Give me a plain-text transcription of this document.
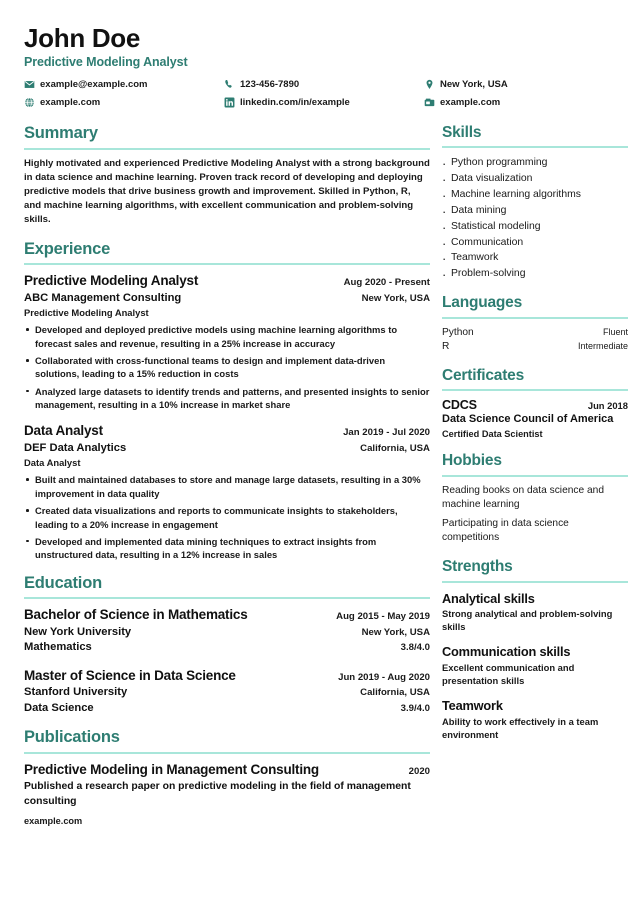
John Doe
Predictive Modeling Analyst
example@example.com	123-456-7890	New York, USA
example.com	linkedin.com/in/example	example.com
Summary
Highly motivated and experienced Predictive Modeling Analyst with a strong background in data science and machine learning. Proven track record of developing and deploying predictive models that drive business growth and improvement. Skilled in Python, R, and machine learning algorithms, with excellent communication and problem-solving skills.
Experience
Predictive Modeling Analyst	Aug 2020 - Present
ABC Management Consulting	New York, USA
Predictive Modeling Analyst
Developed and deployed predictive models using machine learning algorithms to forecast sales and revenue, resulting in a 25% increase in accuracy
Collaborated with cross-functional teams to design and implement data-driven solutions, leading to a 15% reduction in costs
Analyzed large datasets to identify trends and patterns, and presented insights to senior management, resulting in a 10% increase in market share
Data Analyst	Jan 2019 - Jul 2020
DEF Data Analytics	California, USA
Data Analyst
Built and maintained databases to store and manage large datasets, resulting in a 30% improvement in data quality
Created data visualizations and reports to communicate insights to stakeholders, leading to a 20% increase in engagement
Developed and implemented data mining techniques to extract insights from unstructured data, resulting in a 12% increase in sales
Education
Bachelor of Science in Mathematics	Aug 2015 - May 2019
New York University	New York, USA
Mathematics	3.8/4.0
Master of Science in Data Science	Jun 2019 - Aug 2020
Stanford University	California, USA
Data Science	3.9/4.0
Publications
Predictive Modeling in Management Consulting	2020
Published a research paper on predictive modeling in the field of management consulting
example.com
Skills
· Python programming
· Data visualization
· Machine learning algorithms
· Data mining
· Statistical modeling
· Communication
· Teamwork
· Problem-solving
Languages
Python	Fluent
R	Intermediate
Certificates
CDCS	Jun 2018
Data Science Council of America
Certified Data Scientist
Hobbies
Reading books on data science and machine learning
Participating in data science competitions
Strengths
Analytical skills
Strong analytical and problem-solving skills
Communication skills
Excellent communication and presentation skills
Teamwork
Ability to work effectively in a team environment
